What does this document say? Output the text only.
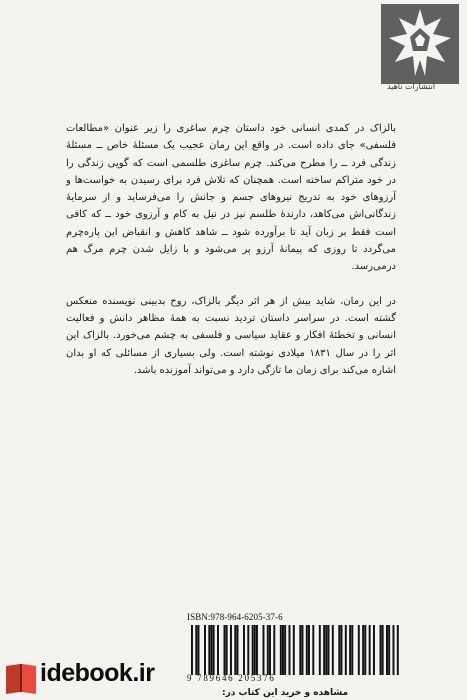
انتشارات ناهید

بالزاک در کمدی انسانی خود داستان چرم ساغری را زیر عنوان «مطالعات فلسفی» جای داده است. در واقع این رمان عجیب یک مسئلهٔ خاص ــ مسئلهٔ زندگی فرد ــ را مطرح می‌کند. چرم ساغری طلسمی است که گویی زندگی را در خود متراکم ساخته است. همچنان که تلاش فرد برای رسیدن به خواست‌ها و آرزوهای خود به تدریج نیروهای جسم و جانش را می‌فرساید و از سرمایهٔ زندگانی‌اش می‌کاهد، دارندهٔ طلسم نیز در نیل به کام و آرزوی خود ــ که کافی است فقط بر زبان آید تا برآورده شود ــ شاهد کاهش و انقباض این پاره‌چرم می‌گردد تا روزی که پیمانهٔ آرزو پر می‌شود و با زایل شدن چرم مرگ هم درمی‌رسد.

در این رمان، شاید بیش از هر اثر دیگر بالزاک، روح بدبینی نویسنده منعکس گشته است. در سراسر داستان تردید نسبت به همهٔ مظاهر دانش و فعالیت انسانی و تخطئهٔ افکار و عقاید سیاسی و فلسفی به چشم می‌خورد. بالزاک این اثر را در سال ۱۸۳۱ میلادی نوشته است. ولی بسیاری از مسائلی که او بدان اشاره می‌کند برای زمان ما تازگی دارد و می‌تواند آموزنده باشد.

ISBN:978-964-6205-37-6
9 789646 205376
idebook.ir
مشاهده و خرید این کتاب در:
